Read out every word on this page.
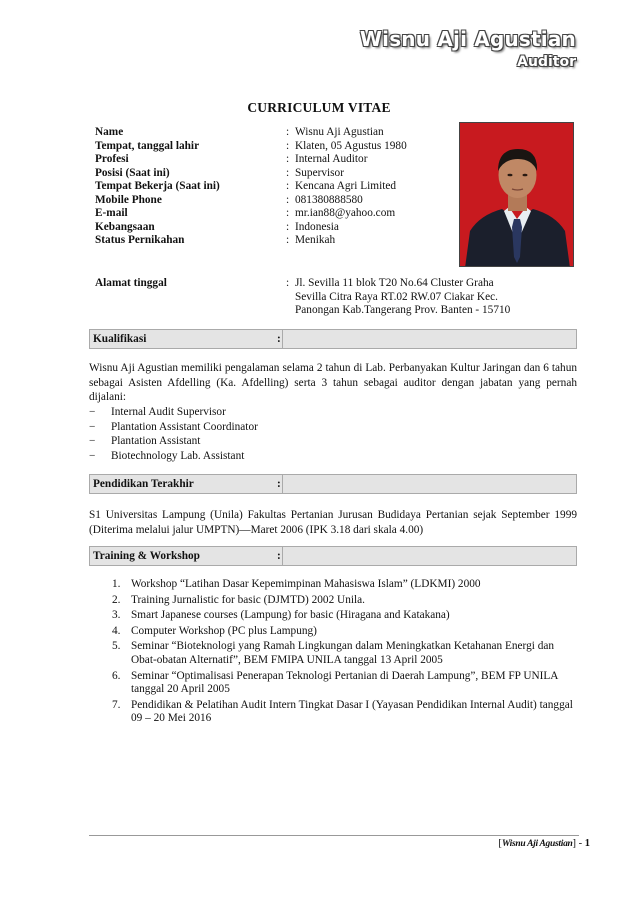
Wisnu Aji Agustian
Auditor
CURRICULUM VITAE
Name	: Wisnu Aji Agustian
Tempat, tanggal lahir	: Klaten, 05 Agustus 1980
Profesi	: Internal Auditor
Posisi (Saat ini)	: Supervisor
Tempat Bekerja (Saat ini)	: Kencana Agri Limited
Mobile Phone	: 081380888580
E-mail	: mr.ian88@yahoo.com
Kebangsaan	: Indonesia
Status Pernikahan	: Menikah
Alamat tinggal	: Jl. Sevilla 11 blok T20 No.64 Cluster Graha
Sevilla Citra Raya RT.02 RW.07 Ciakar Kec.
Panongan Kab.Tangerang Prov. Banten - 15710
Kualifikasi	:
Wisnu Aji Agustian memiliki pengalaman selama 2 tahun di Lab. Perbanyakan Kultur Jaringan dan 6 tahun sebagai Asisten Afdelling (Ka. Afdelling) serta 3 tahun sebagai auditor dengan jabatan yang pernah dijalani:
− Internal Audit Supervisor
− Plantation Assistant Coordinator
− Plantation Assistant
− Biotechnology Lab. Assistant
Pendidikan Terakhir	:
S1 Universitas Lampung (Unila) Fakultas Pertanian Jurusan Budidaya Pertanian sejak September 1999 (Diterima melalui jalur UMPTN)—Maret 2006 (IPK 3.18 dari skala 4.00)
Training & Workshop	:
1. Workshop “Latihan Dasar Kepemimpinan Mahasiswa Islam” (LDKMI) 2000
2. Training Jurnalistic for basic (DJMTD) 2002 Unila.
3. Smart Japanese courses (Lampung) for basic (Hiragana and Katakana)
4. Computer Workshop (PC plus Lampung)
5. Seminar “Bioteknologi yang Ramah Lingkungan dalam Meningkatkan Ketahanan Energi dan Obat-obatan Alternatif”, BEM FMIPA UNILA tanggal 13 April 2005
6. Seminar “Optimalisasi Penerapan Teknologi Pertanian di Daerah Lampung”, BEM FP UNILA tanggal 20 April 2005
7. Pendidikan & Pelatihan Audit Intern Tingkat Dasar I (Yayasan Pendidikan Internal Audit) tanggal 09 – 20 Mei 2016
[Wisnu Aji Agustian] - 1
